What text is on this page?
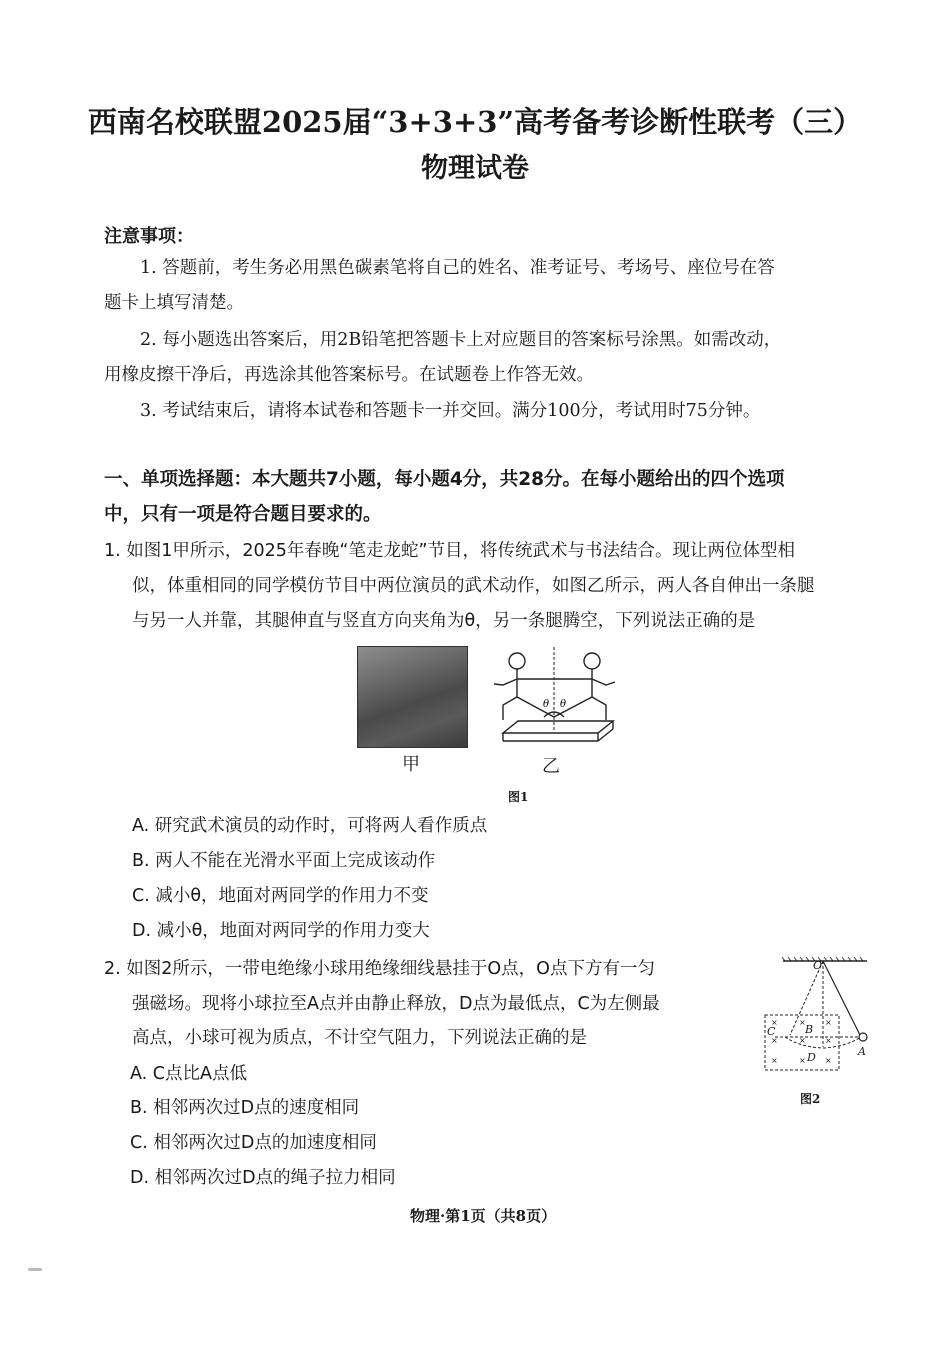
西南名校联盟2025届“3+3+3”高考备考诊断性联考（三）
物理试卷
注意事项：
1. 答题前，考生务必用黑色碳素笔将自己的姓名、准考证号、考场号、座位号在答
题卡上填写清楚。
2. 每小题选出答案后，用2B铅笔把答题卡上对应题目的答案标号涂黑。如需改动，
用橡皮擦干净后，再选涂其他答案标号。在试题卷上作答无效。
3. 考试结束后，请将本试卷和答题卡一并交回。满分100分，考试用时75分钟。
一、单项选择题：本大题共7小题，每小题4分，共28分。在每小题给出的四个选项
中，只有一项是符合题目要求的。
1. 如图1甲所示，2025年春晚“笔走龙蛇”节目，将传统武术与书法结合。现让两位体型相
似，体重相同的同学模仿节目中两位演员的武术动作，如图乙所示，两人各自伸出一条腿
与另一人并靠，其腿伸直与竖直方向夹角为θ，另一条腿腾空，下列说法正确的是
θ θ
甲	乙
图1
A. 研究武术演员的动作时，可将两人看作质点
B. 两人不能在光滑水平面上完成该动作
C. 减小θ，地面对两同学的作用力不变
D. 减小θ，地面对两同学的作用力变大
2. 如图2所示，一带电绝缘小球用绝缘细线悬挂于O点，O点下方有一匀
强磁场。现将小球拉至A点并由静止释放，D点为最低点，C为左侧最
高点，小球可视为质点，不计空气阻力，下列说法正确的是
×	× ×
×	× ×
×	× ×
O
A
B
C
D
图2
A. C点比A点低
B. 相邻两次过D点的速度相同
C. 相邻两次过D点的加速度相同
D. 相邻两次过D点的绳子拉力相同
物理·第1页（共8页）
